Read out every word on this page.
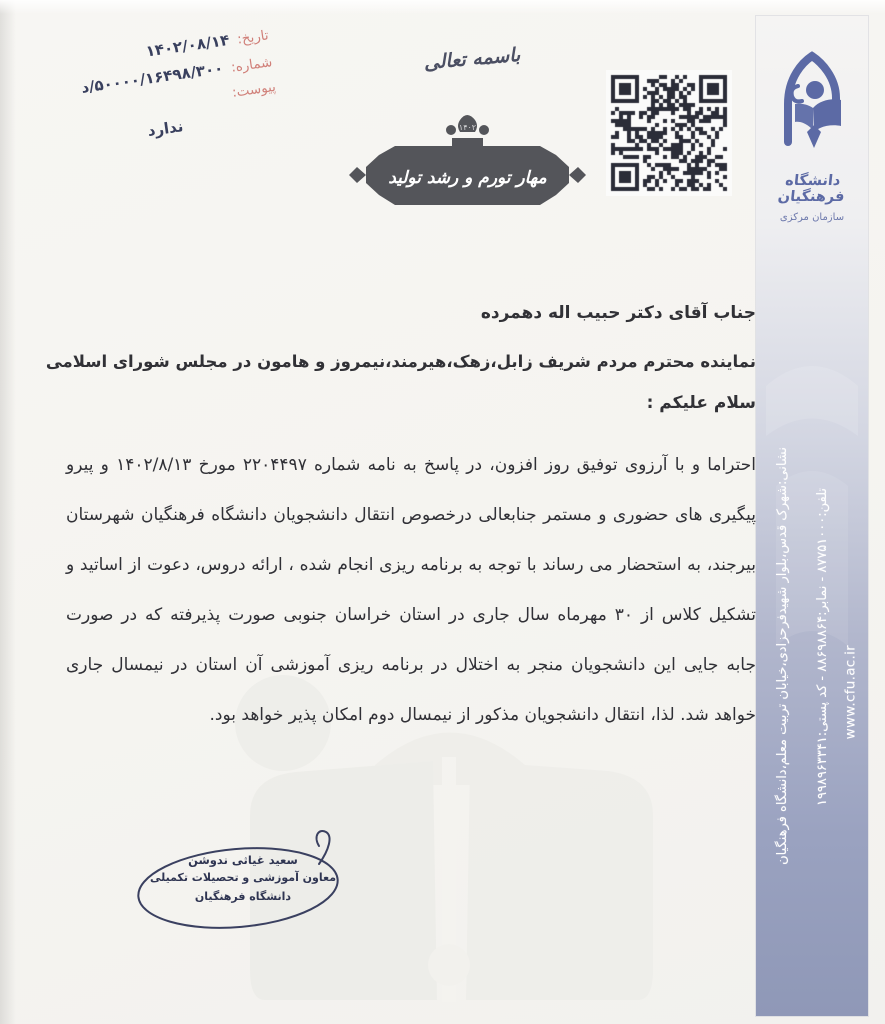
تاریخ:
۱۴۰۲/۰۸/۱۴
شماره:
۵۰۰۰۰/۱۶۴۹۸/۳۰۰/د پیوست:
ندارد
باسمه تعالی
۱۴۰۲
مهار تورم و رشد تولید	دانشگاه فرهنگیان
سازمان مرکزی
نشانی:شهرک قدس،بلوار شهیدفرحزادی،خیابان تربیت معلم،دانشگاه فرهنگیان تلفن:۸۷۷۵۱۰۰۰ - نمابر:۸۸۶۹۸۸۶۴ - کد پستی:۱۹۹۸۹۶۳۳۴۱
www.cfu.ac.ir
جناب آقای دکتر حبیب اله دهمرده
نماینده محترم مردم شریف زابل،زهک،هیرمند،نیمروز و هامون در مجلس شورای اسلامی
سلام علیکم :
احتراما و با آرزوی توفیق روز افزون، در پاسخ به نامه شماره ۲۲۰۴۴۹۷ مورخ ۱۴۰۲/۸/۱۳ و پیرو
پیگیری های حضوری و مستمر جنابعالی درخصوص انتقال دانشجویان دانشگاه فرهنگیان شهرستان
بیرجند، به استحضار می رساند با توجه به برنامه ریزی انجام شده ، ارائه دروس، دعوت از اساتید و
تشکیل کلاس از ۳۰ مهرماه سال جاری در استان خراسان جنوبی صورت پذیرفته که در صورت
جابه جایی این دانشجویان منجر به اختلال در برنامه ریزی آموزشی آن استان در نیمسال جاری
خواهد شد. لذا، انتقال دانشجویان مذکور از نیمسال دوم امکان پذیر خواهد بود.
سعید غیاثی ندوشن
معاون آموزشی و تحصیلات تکمیلی
دانشگاه فرهنگیان
